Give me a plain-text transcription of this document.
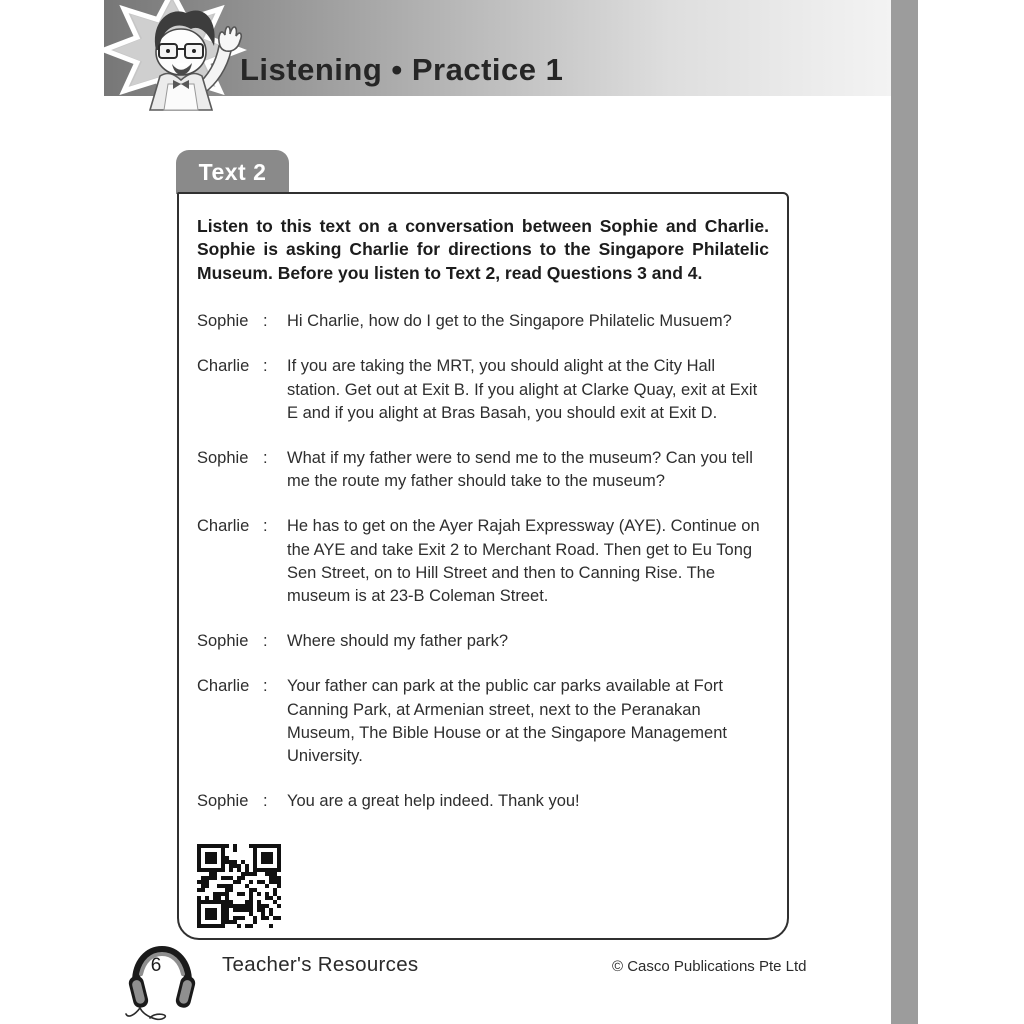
Listening • Practice 1
Text 2

Listen to this text on a conversation between Sophie and Charlie. Sophie is asking Charlie for directions to the Singapore Philatelic Museum. Before you listen to Text 2, read Questions 3 and 4.

Sophie :	Hi Charlie, how do I get to the Singapore Philatelic Musuem?
Charlie :	If you are taking the MRT, you should alight at the City Hall station. Get out at Exit B. If you alight at Clarke Quay, exit at Exit E and if you alight at Bras Basah, you should exit at Exit D.
Sophie :	What if my father were to send me to the museum? Can you tell me the route my father should take to the museum?
Charlie :	He has to get on the Ayer Rajah Expressway (AYE). Continue on the AYE and take Exit 2 to Merchant Road. Then get to Eu Tong Sen Street, on to Hill Street and then to Canning Rise. The museum is at 23-B Coleman Street.
Sophie :	Where should my father park?
Charlie :	Your father can park at the public car parks available at Fort Canning Park, at Armenian street, next to the Peranakan Museum, The Bible House or at the Singapore Management University.
Sophie :	You are a great help indeed. Thank you!
6	Teacher's Resources	© Casco Publications Pte Ltd
